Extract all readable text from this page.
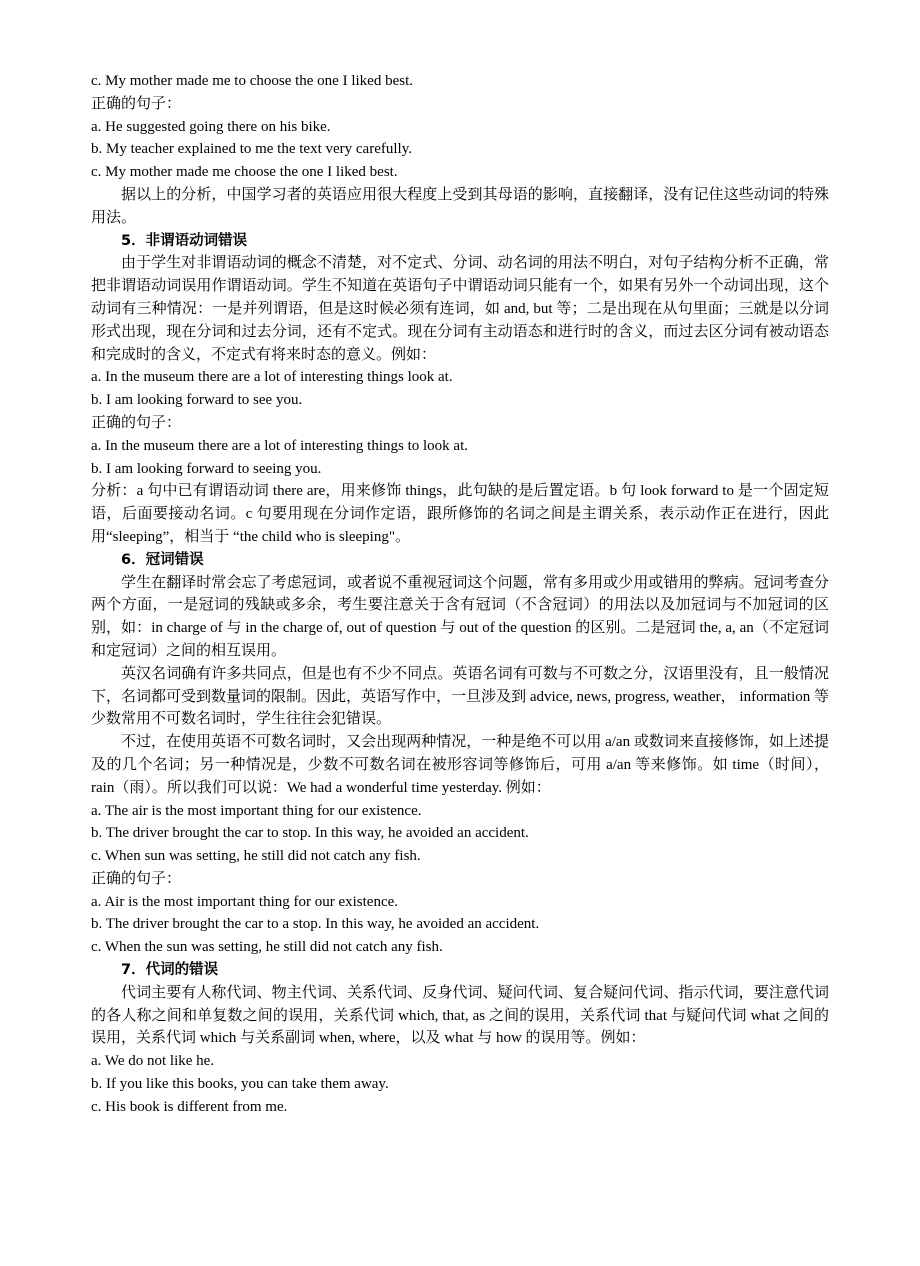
c. My mother made me to choose the one I liked best.

正确的句子：

a. He suggested going there on his bike.

b. My teacher explained to me the text very carefully.

c. My mother made me choose the one I liked best.

据以上的分析，中国学习者的英语应用很大程度上受到其母语的影响，直接翻译，没有记住这些动词的特殊用法。

5．非谓语动词错误

由于学生对非谓语动词的概念不清楚，对不定式、分词、动名词的用法不明白，对句子结构分析不正确，常把非谓语动词误用作谓语动词。学生不知道在英语句子中谓语动词只能有一个，如果有另外一个动词出现，这个动词有三种情况：一是并列谓语，但是这时候必须有连词，如 and, but 等；二是出现在从句里面；三就是以分词形式出现，现在分词和过去分词，还有不定式。现在分词有主动语态和进行时的含义，而过去区分词有被动语态和完成时的含义，不定式有将来时态的意义。例如：

a. In the museum there are a lot of interesting things look at.

b. I am looking forward to see you.

正确的句子：

a. In the museum there are a lot of interesting things to look at.

b. I am looking forward to seeing you.

分析：a 句中已有谓语动词 there are，用来修饰 things，此句缺的是后置定语。b 句 look forward to 是一个固定短语，后面要接动名词。c 句要用现在分词作定语，跟所修饰的名词之间是主谓关系，表示动作正在进行，因此用“sleeping”，相当于 “the child who is sleeping"。

6．冠词错误

学生在翻译时常会忘了考虑冠词，或者说不重视冠词这个问题，常有多用或少用或错用的弊病。冠词考查分两个方面，一是冠词的残缺或多余，考生要注意关于含有冠词（不含冠词）的用法以及加冠词与不加冠词的区别，如：in charge of 与 in the charge of, out of question 与 out of the question 的区别。二是冠词 the, a, an（不定冠词和定冠词）之间的相互误用。

英汉名词确有许多共同点，但是也有不少不同点。英语名词有可数与不可数之分，汉语里没有，且一般情况下，名词都可受到数量词的限制。因此，英语写作中，一旦涉及到 advice, news, progress, weather， information 等少数常用不可数名词时，学生往往会犯错误。

不过，在使用英语不可数名词时，又会出现两种情况，一种是绝不可以用 a/an 或数词来直接修饰，如上述提及的几个名词；另一种情况是，少数不可数名词在被形容词等修饰后，可用 a/an 等来修饰。如 time（时间），rain（雨）。所以我们可以说：We had a wonderful time yesterday. 例如：

a. The air is the most important thing for our existence.

b. The driver brought the car to stop. In this way, he avoided an accident.

c. When sun was setting, he still did not catch any fish.

正确的句子：

a. Air is the most important thing for our existence.

b. The driver brought the car to a stop. In this way, he avoided an accident.

c. When the sun was setting, he still did not catch any fish.

7．代词的错误

代词主要有人称代词、物主代词、关系代词、反身代词、疑问代词、复合疑问代词、指示代词，要注意代词的各人称之间和单复数之间的误用，关系代词 which, that, as 之间的误用，关系代词 that 与疑问代词 what 之间的误用，关系代词 which 与关系副词 when, where，以及 what 与 how 的误用等。例如：

a. We do not like he.

b. If you like this books, you can take them away.

c. His book is different from me.
